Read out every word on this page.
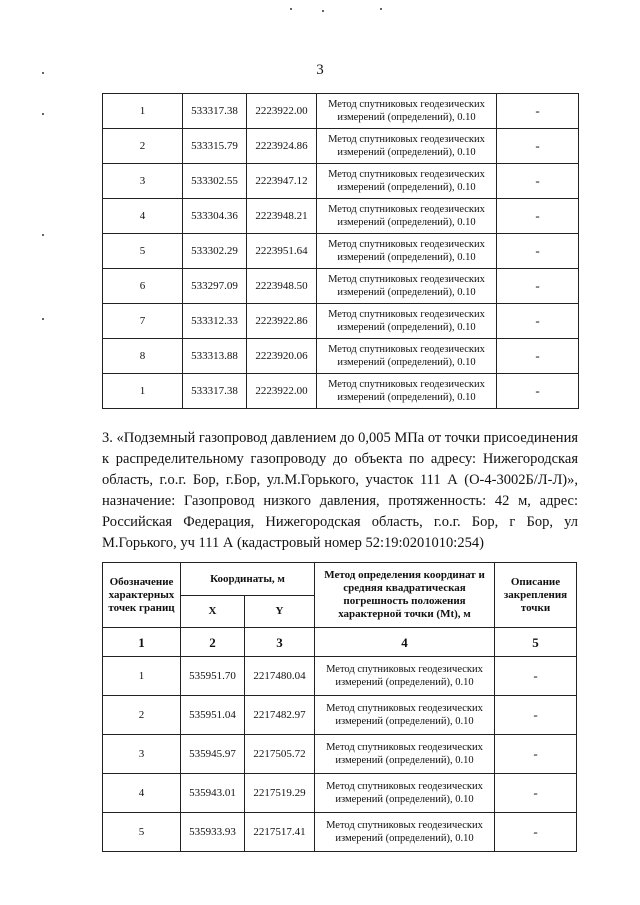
3
1	533317.38	2223922.00	Метод спутниковых геодезических измерений (определений), 0.10	-
2	533315.79	2223924.86	Метод спутниковых геодезических измерений (определений), 0.10	-
3	533302.55	2223947.12	Метод спутниковых геодезических измерений (определений), 0.10	-
4	533304.36	2223948.21	Метод спутниковых геодезических измерений (определений), 0.10	-
5	533302.29	2223951.64	Метод спутниковых геодезических измерений (определений), 0.10	-
6	533297.09	2223948.50	Метод спутниковых геодезических измерений (определений), 0.10	-
7	533312.33	2223922.86	Метод спутниковых геодезических измерений (определений), 0.10	-
8	533313.88	2223920.06	Метод спутниковых геодезических измерений (определений), 0.10	-
1	533317.38	2223922.00	Метод спутниковых геодезических измерений (определений), 0.10	-
3. «Подземный газопровод давлением до 0,005 МПа от точки присоединения к распределительному газопроводу до объекта по адресу: Нижегородская область, г.о.г. Бор, г.Бор, ул.М.Горького, участок 111 А (О-4-3002Б/Л-Л)», назначение: Газопровод низкого давления, протяженность: 42 м, адрес: Российская Федерация, Нижегородская область, г.о.г. Бор, г Бор, ул М.Горького, уч 111 А (кадастровый номер 52:19:0201010:254)
Обозначение характерных точек границ	Координаты, м		Метод определения координат и средняя квадратическая погрешность положения характерной точки (Mt), м	Описание закрепления точки
	X	Y		
1	2	3	4	5
1	535951.70	2217480.04	Метод спутниковых геодезических измерений (определений), 0.10	-
2	535951.04	2217482.97	Метод спутниковых геодезических измерений (определений), 0.10	-
3	535945.97	2217505.72	Метод спутниковых геодезических измерений (определений), 0.10	-
4	535943.01	2217519.29	Метод спутниковых геодезических измерений (определений), 0.10	-
5	535933.93	2217517.41	Метод спутниковых геодезических измерений (определений), 0.10	-
